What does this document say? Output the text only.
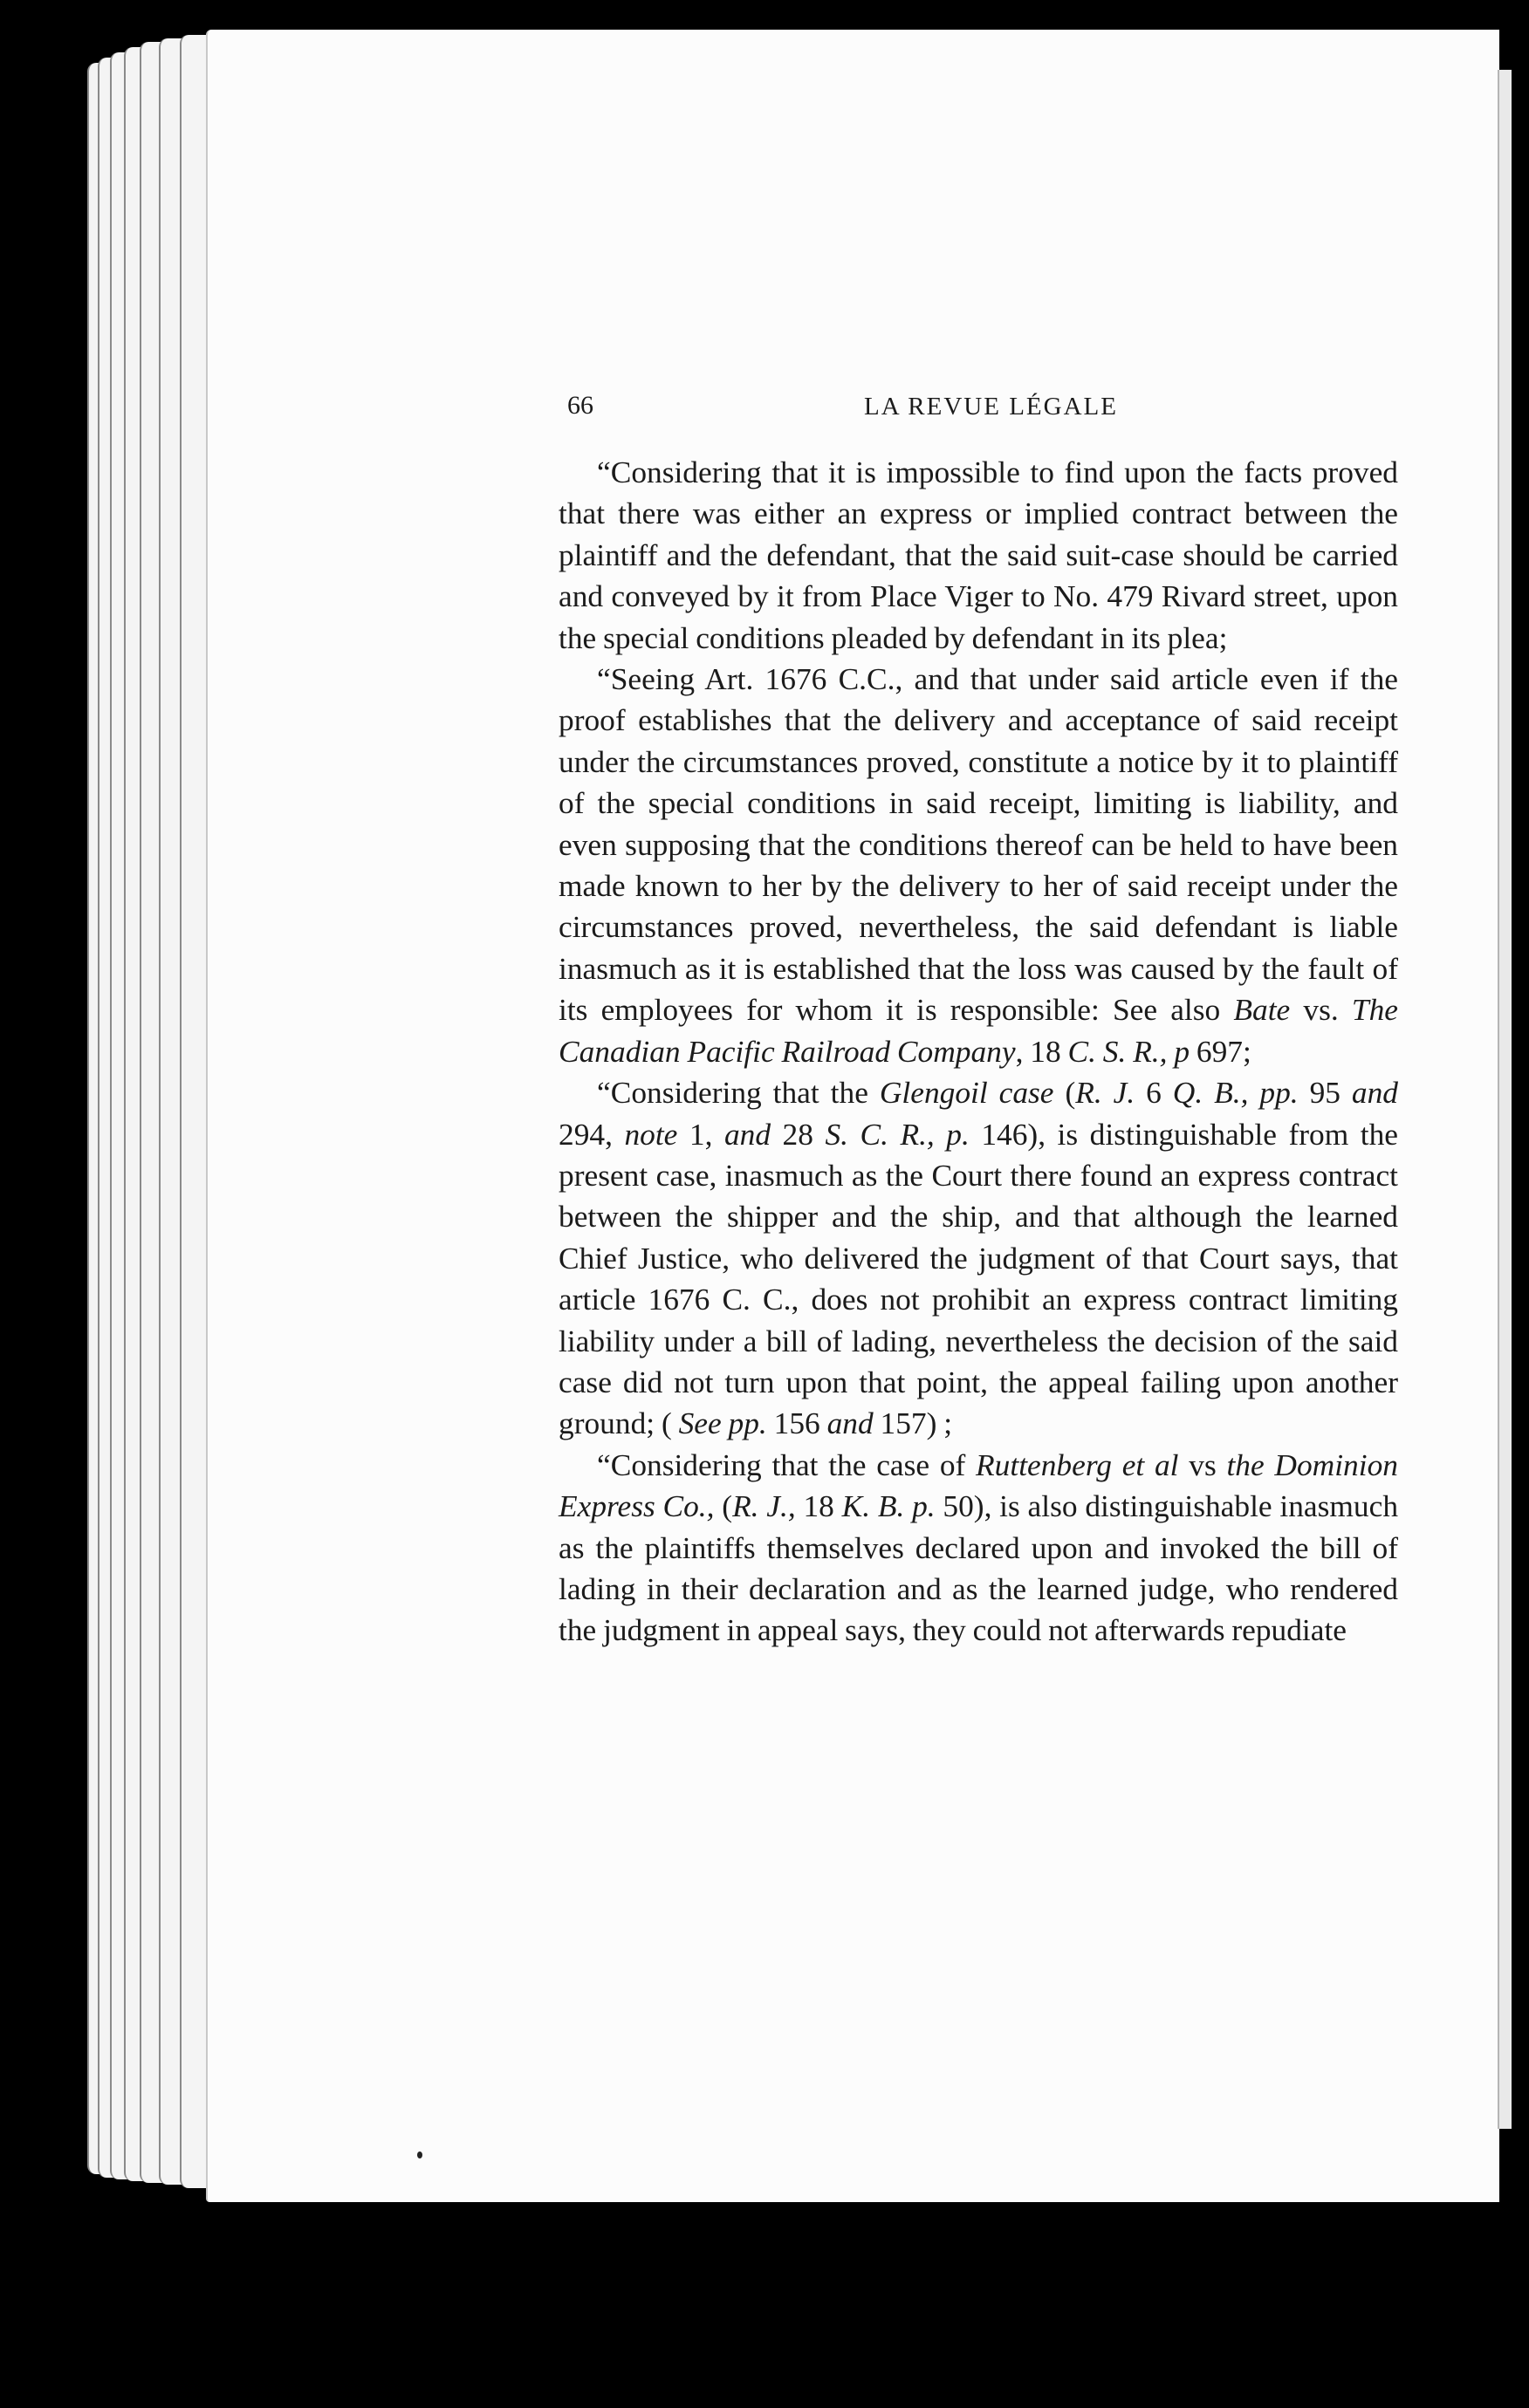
66	LA REVUE LÉGALE

“Considering that it is impossible to find upon the facts proved that there was either an express or implied contract between the plaintiff and the defendant, that the said suit-case should be carried and conveyed by it from Place Viger to No. 479 Rivard street, upon the special conditions pleaded by defendant in its plea;

“Seeing Art. 1676 C.C., and that under said article even if the proof establishes that the delivery and acceptance of said receipt under the circumstances proved, constitute a notice by it to plaintiff of the special conditions in said receipt, limiting is liability, and even supposing that the conditions thereof can be held to have been made known to her by the delivery to her of said receipt under the circumstances proved, nevertheless, the said defendant is liable inasmuch as it is established that the loss was caused by the fault of its employees for whom it is responsible: See also Bate vs. The Canadian Pacific Railroad Company, 18 C. S. R., p 697;

“Considering that the Glengoil case (R. J. 6 Q. B., pp. 95 and 294, note 1, and 28 S. C. R., p. 146), is distinguishable from the present case, inasmuch as the Court there found an express contract between the shipper and the ship, and that although the learned Chief Justice, who delivered the judgment of that Court says, that article 1676 C. C., does not prohibit an express contract limiting liability under a bill of lading, nevertheless the decision of the said case did not turn upon that point, the appeal failing upon another ground; ( See pp. 156 and 157) ;

“Considering that the case of Ruttenberg et al vs the Dominion Express Co., (R. J., 18 K. B. p. 50), is also distinguishable inasmuch as the plaintiffs themselves declared upon and invoked the bill of lading in their declaration and as the learned judge, who rendered the judgment in appeal says, they could not afterwards repudiate
